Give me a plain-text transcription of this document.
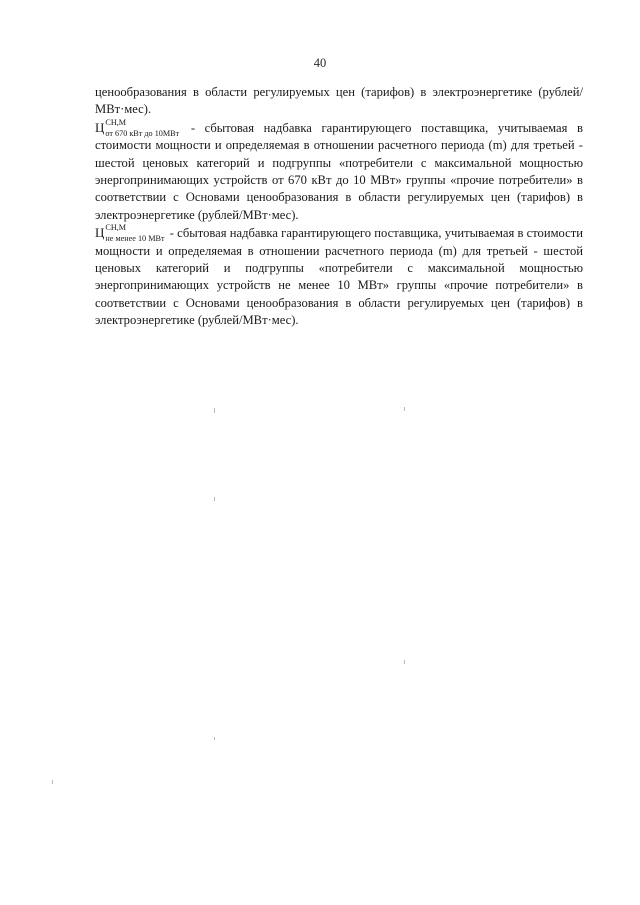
40

ценообразования в области регулируемых цен (тарифов) в электроэнергетике (рублей/МВт·мес).

Ц СН,М
от 670 кВт до 10МВт - сбытовая надбавка гарантирующего поставщика, учитываемая в стоимости мощности и определяемая в отношении расчетного периода (m) для третьей - шестой ценовых категорий и подгруппы «потребители с максимальной мощностью энергопринимающих устройств от 670 кВт до 10 МВт» группы «прочие потребители» в соответствии с Основами ценообразования в области регулируемых цен (тарифов) в электроэнергетике (рублей/МВт·мес).

Ц СН,М
не менее 10 МВт - сбытовая надбавка гарантирующего поставщика, учитываемая в стоимости мощности и определяемая в отношении расчетного периода (m) для третьей - шестой ценовых категорий и подгруппы «потребители с максимальной мощностью энергопринимающих устройств не менее 10 МВт» группы «прочие потребители» в соответствии с Основами ценообразования в области регулируемых цен (тарифов) в электроэнергетике (рублей/МВт·мес).
